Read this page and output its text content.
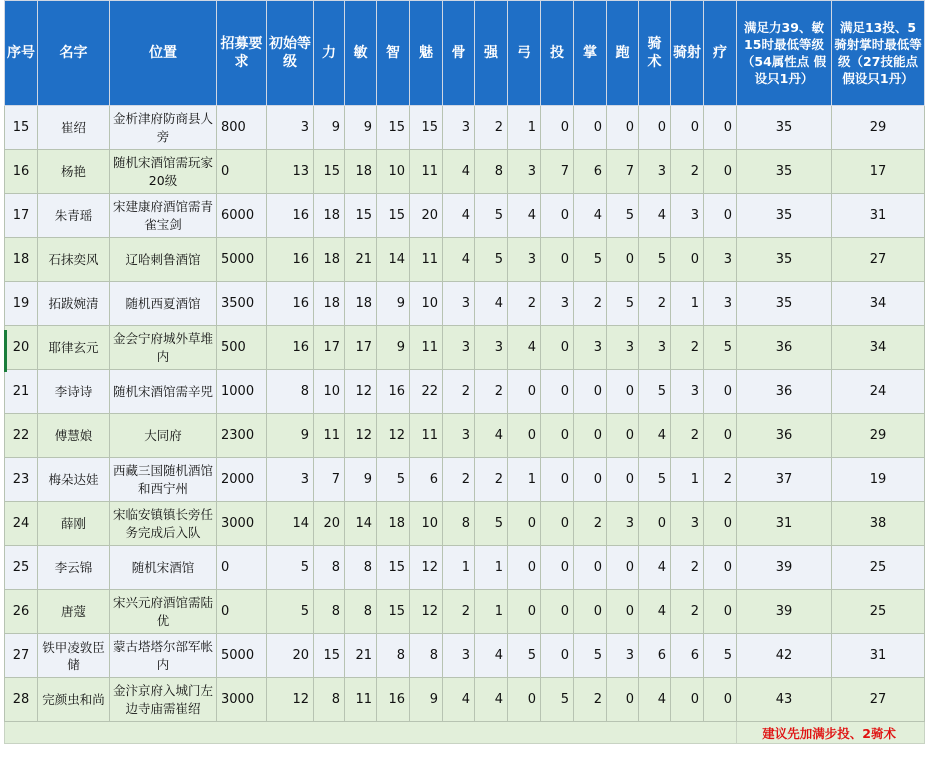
序号	名字	位置	招募要求	初始等级	力	敏	智	魅	骨	强	弓	投	掌	跑	骑术	骑射	疗	满足力39、敏15时最低等级（54属性点 假设只1丹）	满足13投、5骑射掌时最低等级（27技能点 假设只1丹）
15	崔绍	金析津府防商县人旁	800	3	9	9	15	15	3	2	1	0	0	0	0	0	0	35	29
16	杨艳	随机宋酒馆需玩家20级	0	13	15	18	10	11	4	8	3	7	6	7	3	2	0	35	17
17	朱青瑶	宋建康府酒馆需青雀宝剑	6000	16	18	15	15	20	4	5	4	0	4	5	4	3	0	35	31
18	石抹奕风	辽哈刺鲁酒馆	5000	16	18	21	14	11	4	5	3	0	5	0	5	0	3	35	27
19	拓跋婉清	随机西夏酒馆	3500	16	18	18	9	10	3	4	2	3	2	5	2	1	3	35	34
20	耶律玄元	金会宁府城外草堆内	500	16	17	17	9	11	3	3	4	0	3	3	3	2	5	36	34
21	李诗诗	随机宋酒馆需辛兕	1000	8	10	12	16	22	2	2	0	0	0	0	5	3	0	36	24
22	傅慧娘	大同府	2300	9	11	12	12	11	3	4	0	0	0	0	4	2	0	36	29
23	梅朵达娃	西藏三国随机酒馆和西宁州	2000	3	7	9	5	6	2	2	1	0	0	0	5	1	2	37	19
24	薛刚	宋临安镇镇长旁任务完成后入队	3000	14	20	14	18	10	8	5	0	0	2	3	0	3	0	31	38
25	李云锦	随机宋酒馆	0	5	8	8	15	12	1	1	0	0	0	0	4	2	0	39	25
26	唐蔻	宋兴元府酒馆需陆优	0	5	8	8	15	12	2	1	0	0	0	0	4	2	0	39	25
27	铁甲凌敦臣储	蒙古塔塔尔部军帐内	5000	20	15	21	8	8	3	4	5	0	5	3	6	6	5	42	31
28	完颜虫和尚	金汴京府入城门左边寺庙需崔绍	3000	12	8	11	16	9	4	4	0	5	2	0	4	0	0	43	27
																		建议先加满步投、2骑术	
